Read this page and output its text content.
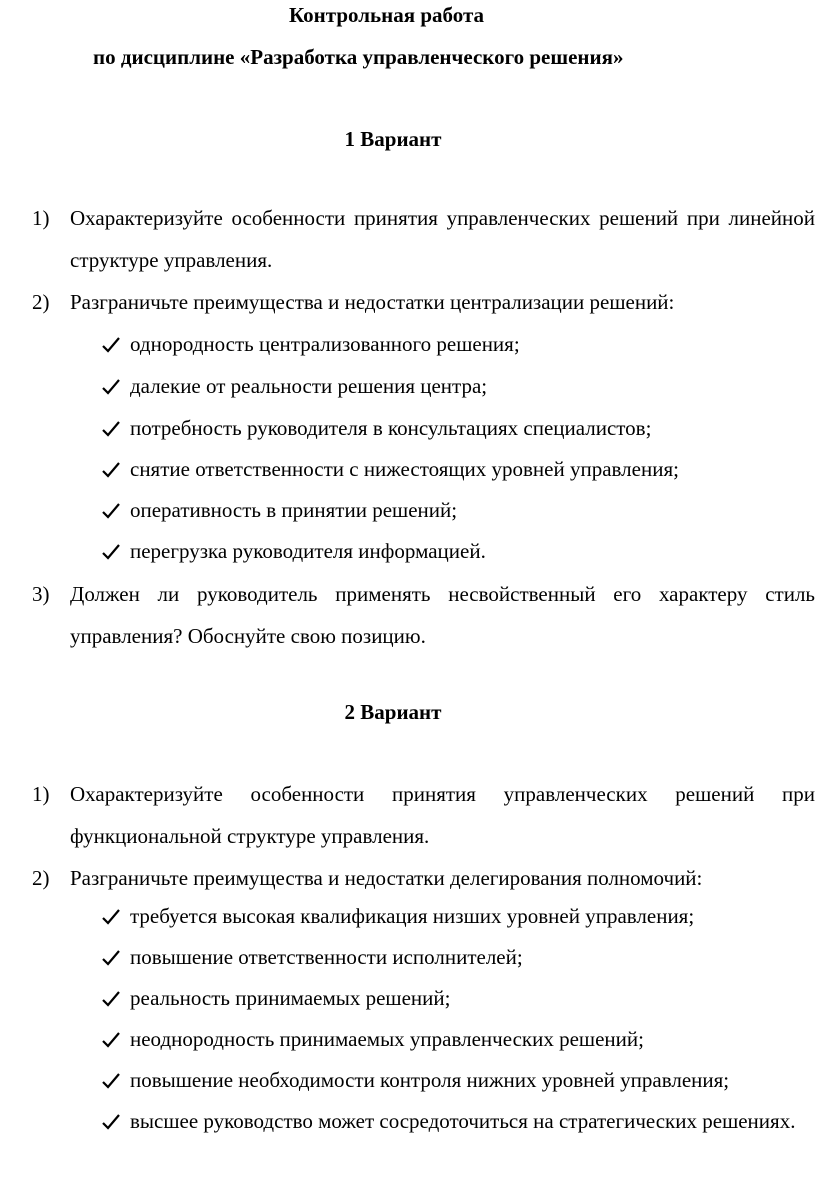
Контрольная работа
по дисциплине «Разработка управленческого решения»
1 Вариант
1) Охарактеризуйте особенности принятия управленческих решений при линейной структуре управления.
2) Разграничьте преимущества и недостатки централизации решений:
однородность централизованного решения;
далекие от реальности решения центра;
потребность руководителя в консультациях специалистов;
снятие ответственности с нижестоящих уровней управления;
оперативность в принятии решений;
перегрузка руководителя информацией.
3) Должен ли руководитель применять несвойственный его характеру стиль управления? Обоснуйте свою позицию.
2 Вариант
1) Охарактеризуйте особенности принятия управленческих решений при функциональной структуре управления.
2) Разграничьте преимущества и недостатки делегирования полномочий:
требуется высокая квалификация низших уровней управления;
повышение ответственности исполнителей;
реальность принимаемых решений;
неоднородность принимаемых управленческих решений;
повышение необходимости контроля нижних уровней управления;
высшее руководство может сосредоточиться на стратегических решениях.
